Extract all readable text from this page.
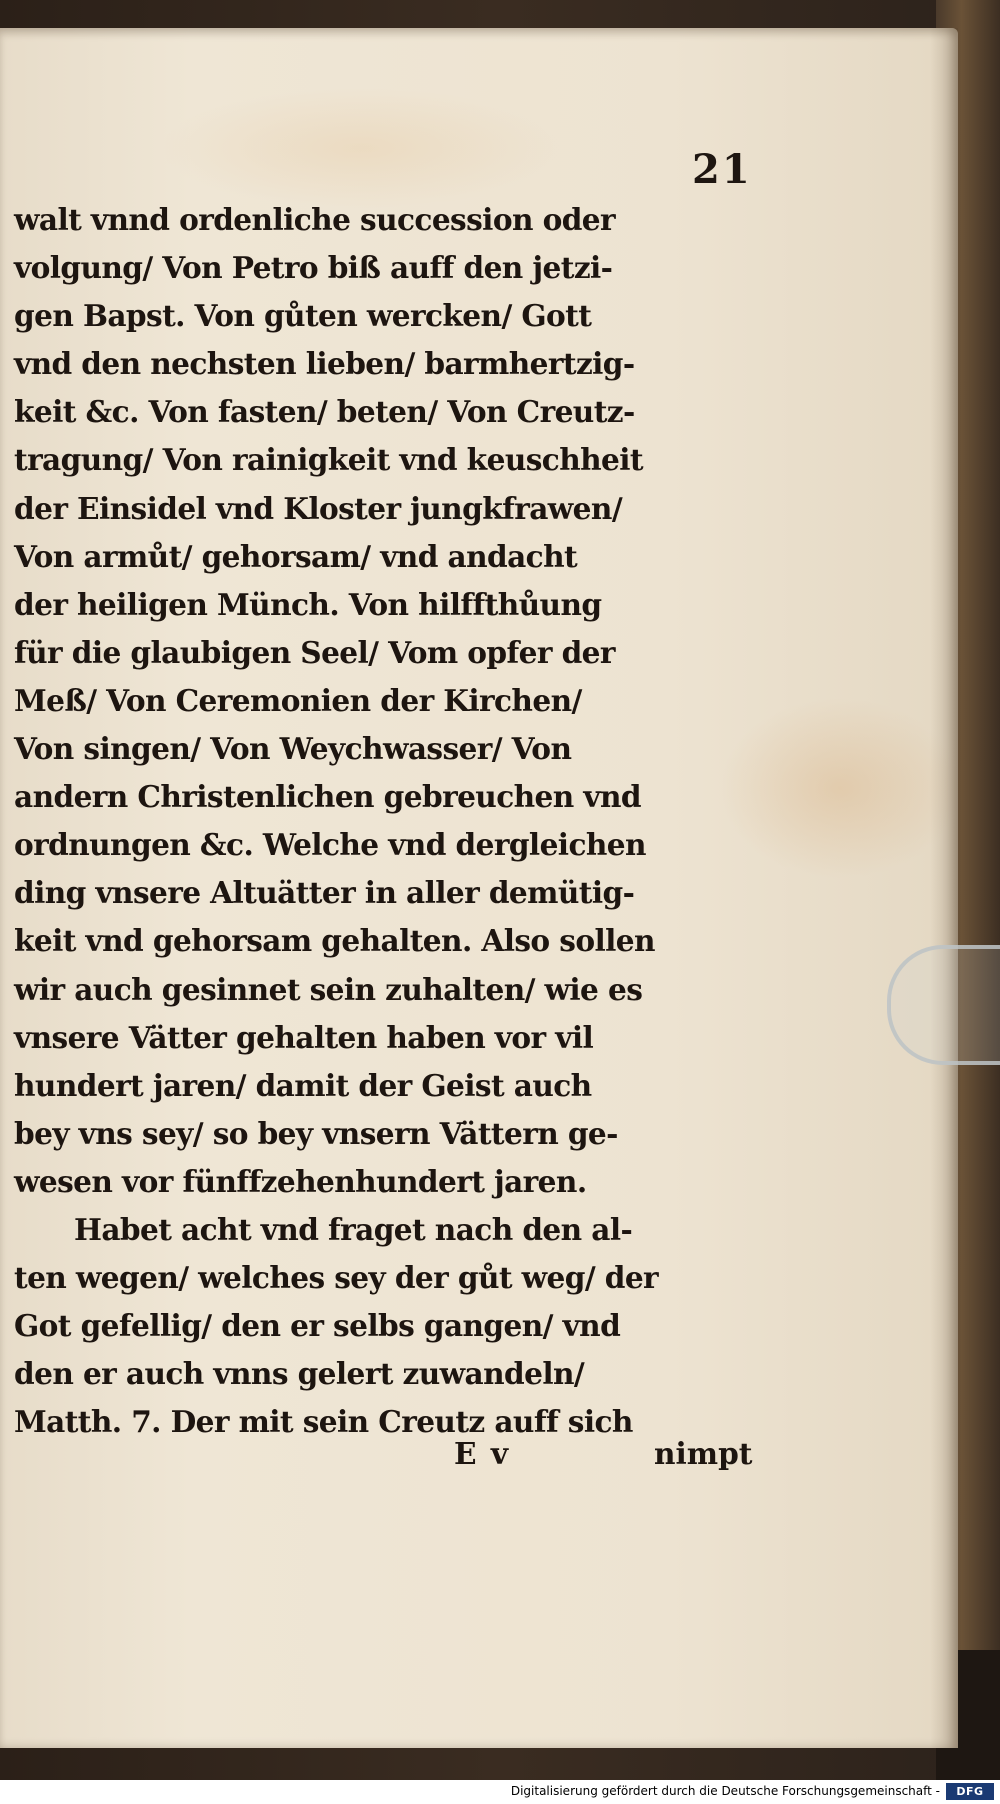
21

walt vnnd ordenliche succession oder
volgung/ Von Petro biß auff den jetzi-
gen Bapst. Von gůten wercken/ Gott
vnd den nechsten lieben/ barmhertzig-
keit &c. Von fasten/ beten/ Von Creutz-
tragung/ Von rainigkeit vnd keuschheit
der Einsidel vnd Kloster jungkfrawen/
Von armůt/ gehorsam/ vnd andacht
der heiligen Münch. Von hilffthůung
für die glaubigen Seel/ Vom opfer der
Meß/ Von Ceremonien der Kirchen/
Von singen/ Von Weychwasser/ Von
andern Christenlichen gebreuchen vnd
ordnungen &c. Welche vnd dergleichen
ding vnsere Altuätter in aller demütig-
keit vnd gehorsam gehalten. Also sollen
wir auch gesinnet sein zuhalten/ wie es
vnsere Vätter gehalten haben vor vil
hundert jaren/ damit der Geist auch
bey vns sey/ so bey vnsern Vättern ge-
wesen vor fünffzehenhundert jaren.
Habet acht vnd fraget nach den al-
ten wegen/ welches sey der gůt weg/ der
Got gefellig/ den er selbs gangen/ vnd
den er auch vnns gelert zuwandeln/
Matth. 7. Der mit sein Creutz auff sich
E v	nimpt
Digitalisierung gefördert durch die Deutsche Forschungsgemeinschaft -	DFG
